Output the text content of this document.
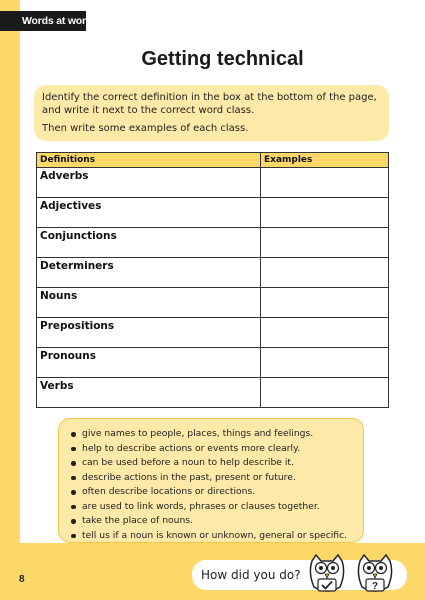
Words at work
Getting technical

Identify the correct definition in the box at the bottom of the page, and write it next to the correct word class.

Then write some examples of each class.

Definitions	Examples
Adverbs	
Adjectives	
Conjunctions	
Determiners	
Nouns	
Prepositions	
Pronouns	
Verbs	
give names to people, places, things and feelings.
help to describe actions or events more clearly.
can be used before a noun to help describe it.
describe actions in the past, present or future.
often describe locations or directions.
are used to link words, phrases or clauses together.
take the place of nouns.
tell us if a noun is known or unknown, general or specific.
8	How did you do?
?
